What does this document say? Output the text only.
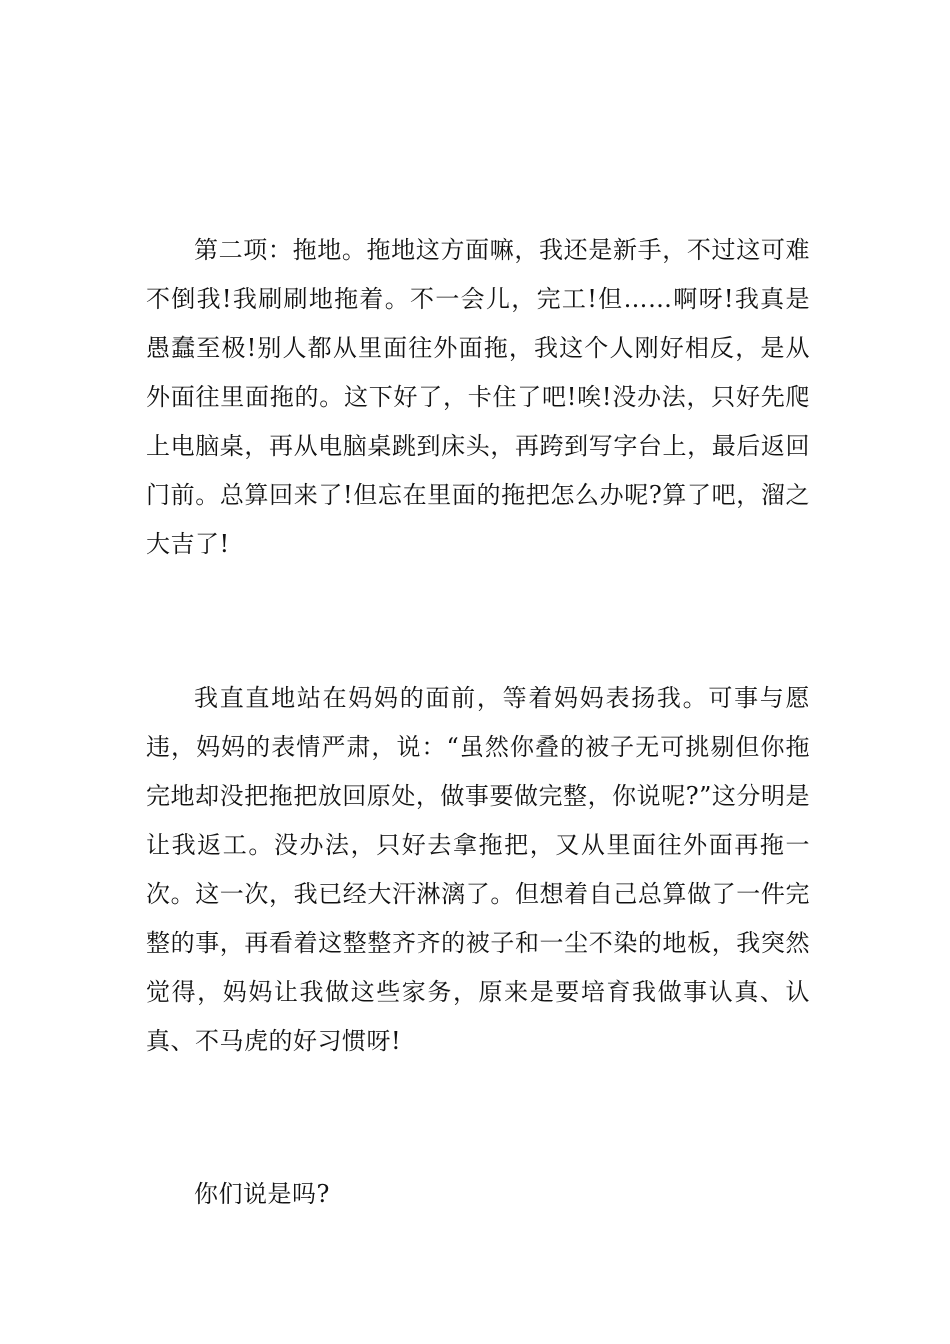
第二项：拖地。拖地这方面嘛，我还是新手，不过这可难不倒我!我刷刷地拖着。不一会儿，完工!但……啊呀!我真是愚蠢至极!别人都从里面往外面拖，我这个人刚好相反，是从外面往里面拖的。这下好了，卡住了吧!唉!没办法，只好先爬上电脑桌，再从电脑桌跳到床头，再跨到写字台上，最后返回门前。总算回来了!但忘在里面的拖把怎么办呢?算了吧，溜之大吉了!

我直直地站在妈妈的面前，等着妈妈表扬我。可事与愿违，妈妈的表情严肃，说：“虽然你叠的被子无可挑剔但你拖完地却没把拖把放回原处，做事要做完整，你说呢?”这分明是让我返工。没办法，只好去拿拖把，又从里面往外面再拖一次。这一次，我已经大汗淋漓了。但想着自己总算做了一件完整的事，再看着这整整齐齐的被子和一尘不染的地板，我突然觉得，妈妈让我做这些家务，原来是要培育我做事认真、认真、不马虎的好习惯呀!

你们说是吗?
